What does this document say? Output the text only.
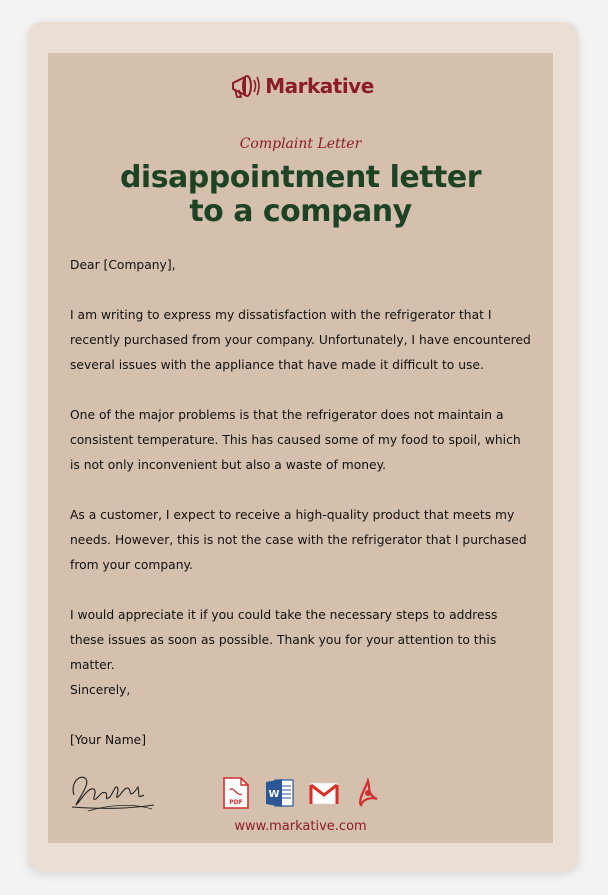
Markative
Complaint Letter
disappointment letter
to a company

Dear [Company],

I am writing to express my dissatisfaction with the refrigerator that I recently purchased from your company. Unfortunately, I have encountered several issues with the appliance that have made it difficult to use.

One of the major problems is that the refrigerator does not maintain a consistent temperature. This has caused some of my food to spoil, which is not only inconvenient but also a waste of money.

As a customer, I expect to receive a high-quality product that meets my needs. However, this is not the case with the refrigerator that I purchased from your company.

I would appreciate it if you could take the necessary steps to address these issues as soon as possible. Thank you for your attention to this matter.

Sincerely,

[Your Name]

PDF
W
www.markative.com
